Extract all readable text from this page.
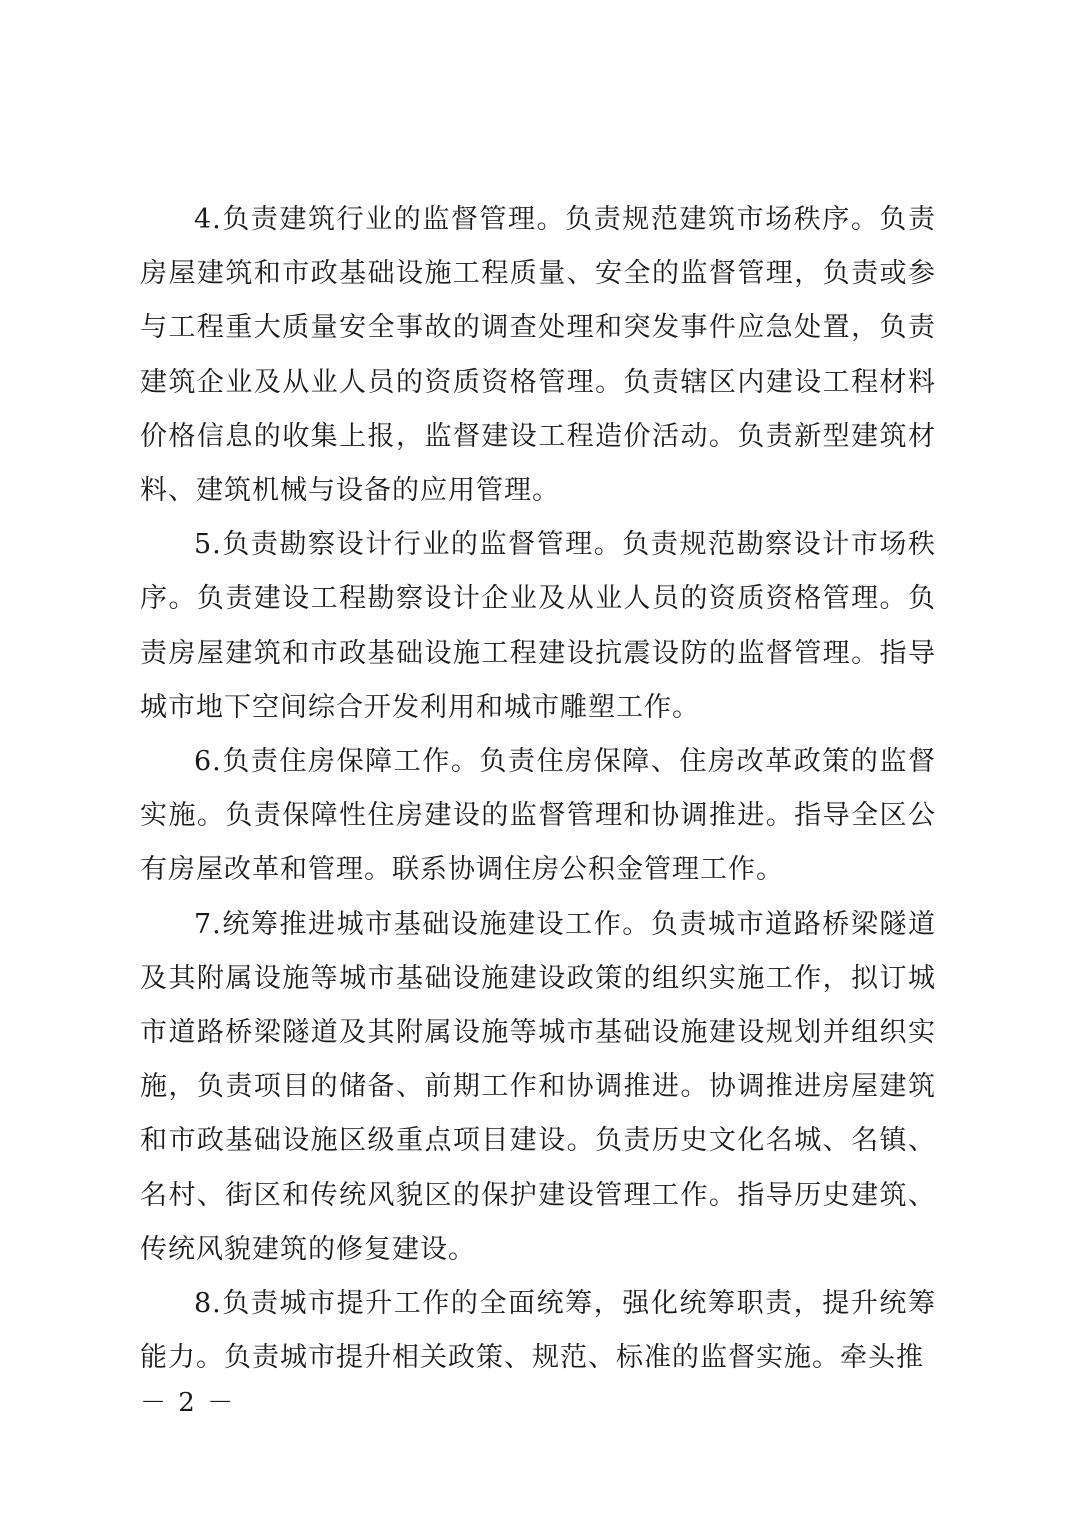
4.负责建筑行业的监督管理。负责规范建筑市场秩序。负责房屋建筑和市政基础设施工程质量、安全的监督管理，负责或参与工程重大质量安全事故的调查处理和突发事件应急处置，负责建筑企业及从业人员的资质资格管理。负责辖区内建设工程材料价格信息的收集上报，监督建设工程造价活动。负责新型建筑材料、建筑机械与设备的应用管理。

5.负责勘察设计行业的监督管理。负责规范勘察设计市场秩序。负责建设工程勘察设计企业及从业人员的资质资格管理。负责房屋建筑和市政基础设施工程建设抗震设防的监督管理。指导城市地下空间综合开发利用和城市雕塑工作。

6.负责住房保障工作。负责住房保障、住房改革政策的监督实施。负责保障性住房建设的监督管理和协调推进。指导全区公有房屋改革和管理。联系协调住房公积金管理工作。

7.统筹推进城市基础设施建设工作。负责城市道路桥梁隧道及其附属设施等城市基础设施建设政策的组织实施工作，拟订城市道路桥梁隧道及其附属设施等城市基础设施建设规划并组织实施，负责项目的储备、前期工作和协调推进。协调推进房屋建筑和市政基础设施区级重点项目建设。负责历史文化名城、名镇、名村、街区和传统风貌区的保护建设管理工作。指导历史建筑、传统风貌建筑的修复建设。

8.负责城市提升工作的全面统筹，强化统筹职责，提升统筹能力。负责城市提升相关政策、规范、标准的监督实施。牵头推

－ 2 －
